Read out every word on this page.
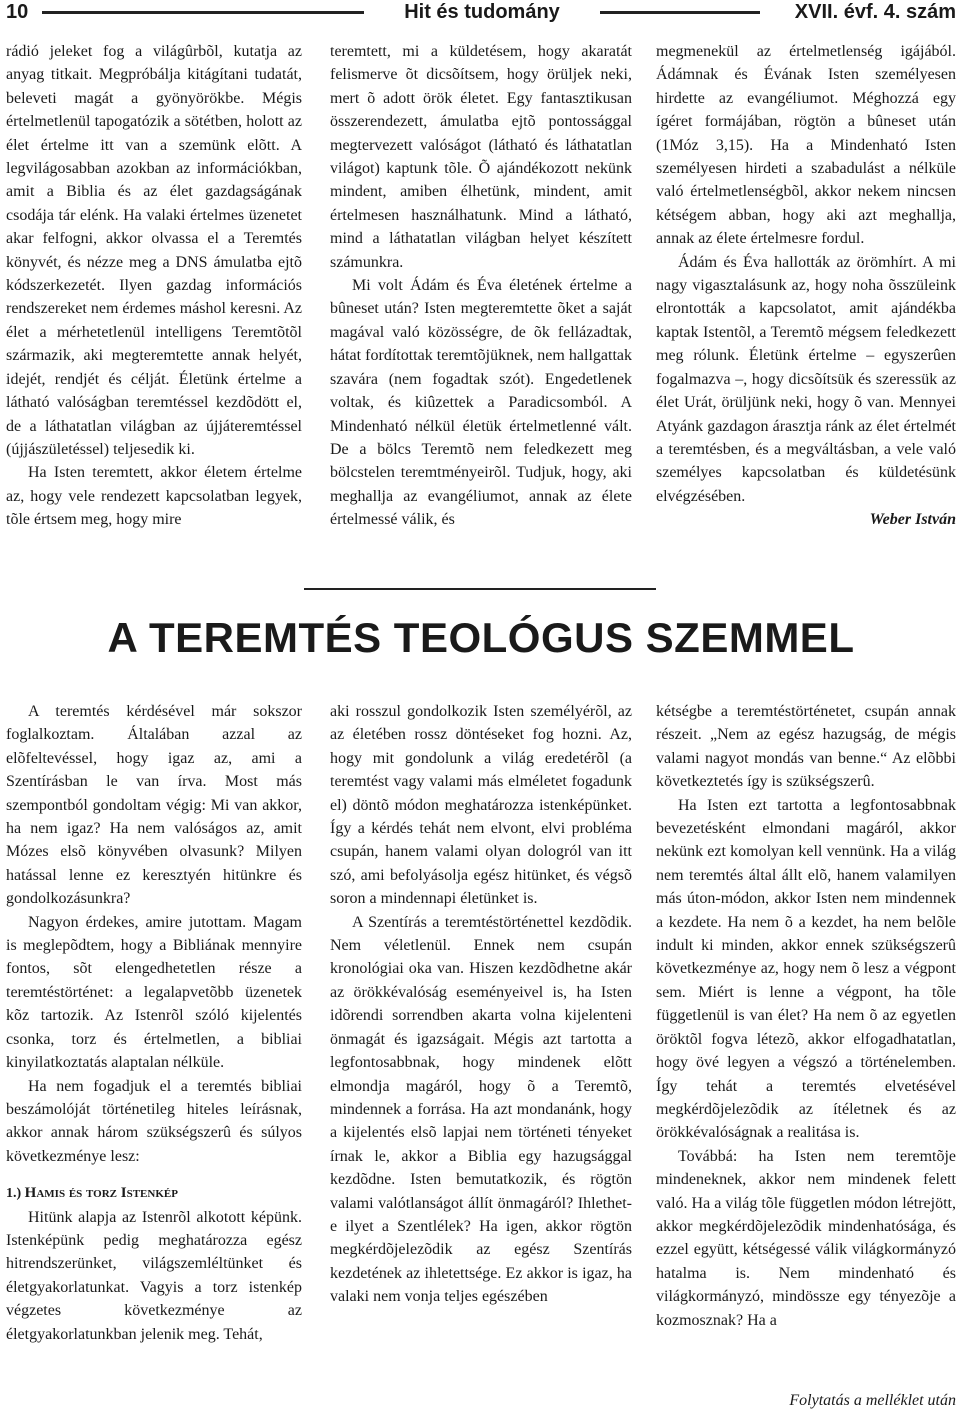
10	Hit és tudomány	XVII. évf. 4. szám

rádió jeleket fog a világûrbõl, kutatja az anyag titkait. Megpróbálja kitágítani tudatát, beleveti magát a gyönyörökbe. Mégis értelmetlenül tapogatózik a sötétben, holott az élet értelme itt van a szemünk elõtt. A legvilágosabban azokban az információkban, amit a Biblia és az élet gazdagságának csodája tár elénk. Ha valaki értelmes üzenetet akar felfogni, akkor olvassa el a Teremtés könyvét, és nézze meg a DNS ámulatba ejtõ kódszerkezetét. Ilyen gazdag információs rendszereket nem érdemes máshol keresni. Az élet a mérhetetlenül intelligens Teremtõtõl származik, aki megteremtette annak helyét, idejét, rendjét és célját. Életünk értelme a látható valóságban teremtéssel kezdõdött el, de a láthatatlan világban az újjáteremtéssel (újjászületéssel) teljesedik ki.

Ha Isten teremtett, akkor életem értelme az, hogy vele rendezett kapcsolatban legyek, tõle értsem meg, hogy mire

teremtett, mi a küldetésem, hogy akaratát felismerve õt dicsõítsem, hogy örüljek neki, mert õ adott örök életet. Egy fantasztikusan összerendezett, ámulatba ejtõ pontossággal megtervezett valóságot (látható és láthatatlan világot) kaptunk tõle. Õ ajándékozott nekünk mindent, amiben élhetünk, mindent, amit értelmesen használhatunk. Mind a látható, mind a láthatatlan világban helyet készített számunkra.

Mi volt Ádám és Éva életének értelme a bûneset után? Isten megteremtette õket a saját magával való közösségre, de õk fellázadtak, hátat fordítottak teremtõjüknek, nem hallgattak szavára (nem fogadtak szót). Engedetlenek voltak, és kiûzettek a Paradicsomból. A Mindenható nélkül életük értelmetlenné vált. De a bölcs Teremtõ nem feledkezett meg bölcstelen teremtményeirõl. Tudjuk, hogy, aki meghallja az evangéliumot, annak az élete értelmessé válik, és

megmenekül az értelmetlenség igájából. Ádámnak és Évának Isten személyesen hirdette az evangéliumot. Méghozzá egy ígéret formájában, rögtön a bûneset után (1Móz 3,15). Ha a Mindenható Isten személyesen hirdeti a szabadulást a nélküle való értelmetlenségbõl, akkor nekem nincsen kétségem abban, hogy aki azt meghallja, annak az élete értelmesre fordul.

Ádám és Éva hallották az örömhírt. A mi nagy vigasztalásunk az, hogy noha õsszüleink elrontották a kapcsolatot, amit ajándékba kaptak Istentõl, a Teremtõ mégsem feledkezett meg rólunk. Életünk értelme – egyszerûen fogalmazva –, hogy dicsõítsük és szeressük az élet Urát, örüljünk neki, hogy õ van. Mennyei Atyánk gazdagon árasztja ránk az élet értelmét a teremtésben, és a megváltásban, a vele való személyes kapcsolatban és küldetésünk elvégzésében.

Weber István

A TEREMTÉS TEOLÓGUS SZEMMEL

A teremtés kérdésével már sokszor foglalkoztam. Általában azzal az elõfeltevéssel, hogy igaz az, ami a Szentírásban le van írva. Most más szempontból gondoltam végig: Mi van akkor, ha nem igaz? Ha nem valóságos az, amit Mózes elsõ könyvében olvasunk? Milyen hatással lenne ez keresztyén hitünkre és gondolkozásunkra?

Nagyon érdekes, amire jutottam. Magam is meglepõdtem, hogy a Bibliának mennyire fontos, sõt elengedhetetlen része a teremtéstörténet: a legalapvetõbb üzenetek kõz tartozik. Az Istenrõl szóló kijelentés csonka, torz és értelmetlen, a bibliai kinyilatkoztatás alaptalan nélküle.

Ha nem fogadjuk el a teremtés bibliai beszámolóját történetileg hiteles leírásnak, akkor annak három szükségszerû és súlyos következménye lesz:

1.) Hamis és torz Istenkép

Hitünk alapja az Istenrõl alkotott képünk. Istenképünk pedig meghatározza egész hitrendszerünket, világszemléltünket és életgyakorlatunkat. Vagyis a torz istenkép végzetes következménye az életgyakorlatunkban jelenik meg. Tehát,

aki rosszul gondolkozik Isten személyérõl, az az életében rossz döntéseket fog hozni. Az, hogy mit gondolunk a világ eredetérõl (a teremtést vagy valami más elméletet fogadunk el) döntõ módon meghatározza istenképünket. Így a kérdés tehát nem elvont, elvi probléma csupán, hanem valami olyan dologról van itt szó, ami befolyásolja egész hitünket, és végsõ soron a mindennapi életünket is.

A Szentírás a teremtéstörténettel kezdõdik. Nem véletlenül. Ennek nem csupán kronológiai oka van. Hiszen kezdõdhetne akár az örökkévalóság eseményeivel is, ha Isten idõrendi sorrendben akarta volna kijelenteni önmagát és igazságait. Mégis azt tartotta a legfontosabbnak, hogy mindenek elõtt elmondja magáról, hogy õ a Teremtõ, mindennek a forrása. Ha azt mondanánk, hogy a kijelentés elsõ lapjai nem történeti tényeket írnak le, akkor a Biblia egy hazugsággal kezdõdne. Isten bemutatkozik, és rögtön valami valótlanságot állít önmagáról? Ihlethet-e ilyet a Szentlélek? Ha igen, akkor rögtön megkérdõjelezõdik az egész Szentírás kezdetének az ihletettsége. Ez akkor is igaz, ha valaki nem vonja teljes egészében

kétségbe a teremtéstörténetet, csupán annak részeit. „Nem az egész hazugság, de mégis valami nagyot mondás van benne.“ Az elõbbi következtetés így is szükségszerû.

Ha Isten ezt tartotta a legfontosabbnak bevezetésként elmondani magáról, akkor nekünk ezt komolyan kell vennünk. Ha a világ nem teremtés által állt elõ, hanem valamilyen más úton-módon, akkor Isten nem mindennek a kezdete. Ha nem õ a kezdet, ha nem belõle indult ki minden, akkor ennek szükségszerû következménye az, hogy nem õ lesz a végpont sem. Miért is lenne a végpont, ha tõle függetlenül is van élet? Ha nem õ az egyetlen öröktõl fogva létezõ, akkor elfogadhatatlan, hogy övé legyen a végszó a történelemben. Így tehát a teremtés elvetésével megkérdõjelezõdik az ítéletnek és az örökkévalóságnak a realitása is.

Továbbá: ha Isten nem teremtõje mindeneknek, akkor nem mindenek felett való. Ha a világ tõle független módon létrejött, akkor megkérdõjelezõdik mindenhatósága, és ezzel együtt, kétségessé válik világkormányzó hatalma is. Nem mindenható és világkormányzó, mindösszе egy tényezõje a kozmosznak? Ha a

Folytatás a melléklet után
